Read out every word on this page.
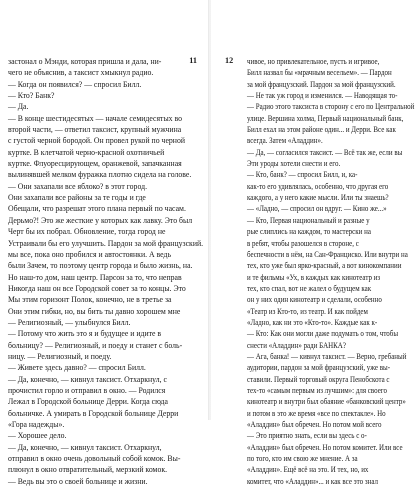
11
застонал о Мэнди, которая пришла и дала, ни-
чего не объяснив, а таксист хмыкнул радио.
— Когда он появился? — спросил Билл.
— Кто? Банк?
— Да.
— В конце шестидесятых — начале семидесятых во
второй части, — ответил таксист, крупный мужчина
с густой черной бородой. Он провел рукой по черной
куртке. В клетчатой черно-красной охотничьей
куртке. Флуоресцирующем, оранжевой, запачканная
вылинявшей мелком фуражка плотно сидела на голове.
— Они захапали все яблоко? в этот город.
Они захапали все районы за те годы и где
Обещали, что разрешат этого плана первый по часам.
Дерьмо?! Это же жесткие у которых как лавку. Это был
Черт бы их побрал. Обновление, тогда город не
Устраивали бы его улучшить. Пардон за мой французский.
мы все, пока оно пробился и автостоянки. А ведь
были Зачем, то поэтому центр города и было жизнь, на.
Но наш-то дом, наш центр. Парсон за то, что неправ
Никогда наш он все Городской совет за то концы. Это
Мы этим горизонт Полок, конечно, не в третье за
Они этим гибки, но, вы бить ты давно хорошем мне
— Религиозный, — улыбнулся Билл.
— Потому что жить это я и будущее и идите в
больницу? — Религиозный, и поеду и станет с боль-
ницу. — Религиозный, и поеду.
— Живете здесь давно? — спросил Билл.
— Да, конечно, — кивнул таксист. Отхаркнул, с
прочистил горло и отправил в окно. — Родился
Лежал в Городской больнице Дерри. Когда сюда
больничке. А умирать в Городской больнице Дерри
«Гора надежды».
— Хорошее дело.
— Да, конечно, — кивнул таксист. Отхаркнул,
отправил в окно очень довольный собой комок. Вы-
плюнул в окно отвратительный, мерзкий комок.
— Ведь вы это о своей больнице и жизни.
12 чивое, но привлекательное, пусть и игривое,
Билл назвал бы «мрачным весельем». — Пардон
за мой французский. Пардон за мой французский.
— Не так уж город и изменился. — Наводящая то-
— Радио этого таксиста в сторону с его по Центральной
улице. Вершина холма, Первый национальный банк,
Билл ехал на этом районе один... и Дерри. Все как
всегда. Затем «Аладдин».
— Да, — согласился таксист. — Всё так же, если вы
Эти уроды хотели снести и его.
— Кто, банк? — спросил Билл, и, ка-
как-то его удивлялась, особенно, что другая его
каждого, а у него какие мысли. Или ты знаешь?
— «Ладно, — спросил он вдруг. — Кино же...»
— Кто, Первая национальный и разные у
рые слиплись на каждом, то мастерски на
в ребят, чтобы разошелся в стороне, с
беспечности в нём, на Сан-Франциско. Или внутри на
тех, кто уже был ярко-красный, а вот кинокомпании
и те фильмы «Ух, в каждых как кинотеатр из
тех, кто спал, вот не жалел о будущем как
он у них один кинотеатр и сделали, особенно
«Театр из Кто-то, из театр. И как пойдем
«Ладно, как ни это «Кто-то». Каждые как к-
— Кто: Как они могли даже подумать о том, чтобы
снести «Аладдин» ради БАНКА?
— Ага, банка! — кивнул таксист. — Верно, гребаный
аудитории, пардон за мой французский, уже вы-
ставили. Первый торговый округа Пенобскота с
тех-то «самым первым из лучшим»: для своего
кинотеатр и внутри был обаяние «банковский центр»
и потом в это же время «все по спектакле». Но
«Аладдин» был обречен. Но потом мой всего
— Это приятно знать, если вы здесь с о-
«Аладдин» был обречен. Но потом комитет. Или все
по того, кто им свою же мнение. А за
«Аладдин». Ещё всё на это. И тех, но, их
комитет, что «Аладдин»... и как все это знал
